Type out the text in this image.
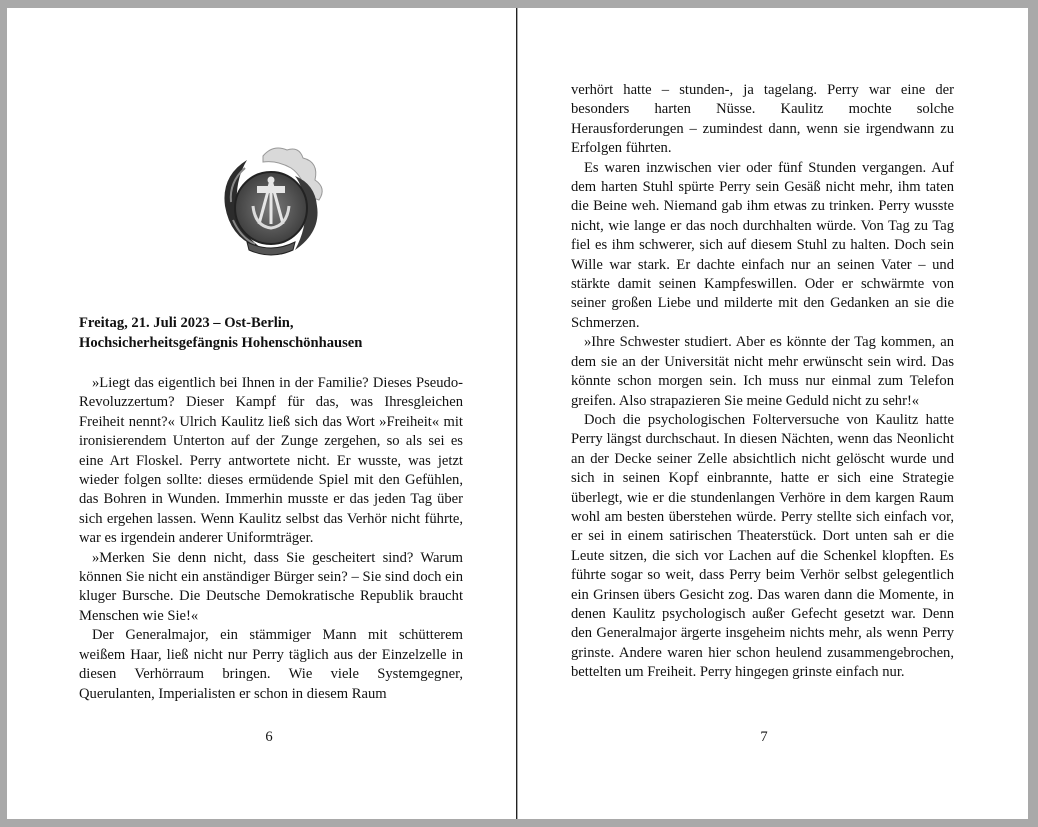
Freitag, 21. Juli 2023 – Ost-Berlin,
Hochsicherheitsgefängnis Hohenschönhausen

»Liegt das eigentlich bei Ihnen in der Familie? Dieses Pseudo-Revoluzzertum? Dieser Kampf für das, was Ihresgleichen Freiheit nennt?« Ulrich Kaulitz ließ sich das Wort »Freiheit« mit ironisierendem Unterton auf der Zunge zergehen, so als sei es eine Art Floskel. Perry antwortete nicht. Er wusste, was jetzt wieder folgen sollte: dieses ermüdende Spiel mit den Gefühlen, das Bohren in Wunden. Immerhin musste er das jeden Tag über sich ergehen lassen. Wenn Kaulitz selbst das Verhör nicht führte, war es irgendein anderer Uniformträger.

»Merken Sie denn nicht, dass Sie gescheitert sind? Warum können Sie nicht ein anständiger Bürger sein? – Sie sind doch ein kluger Bursche. Die Deutsche Demokratische Republik braucht Menschen wie Sie!«

Der Generalmajor, ein stämmiger Mann mit schütterem weißem Haar, ließ nicht nur Perry täglich aus der Einzelzelle in diesen Verhörraum bringen. Wie viele Systemgegner, Querulanten, Imperialisten er schon in diesem Raum

6

verhört hatte – stunden-, ja tagelang. Perry war eine der besonders harten Nüsse. Kaulitz mochte solche Herausforderungen – zumindest dann, wenn sie irgendwann zu Erfolgen führten.

Es waren inzwischen vier oder fünf Stunden vergangen. Auf dem harten Stuhl spürte Perry sein Gesäß nicht mehr, ihm taten die Beine weh. Niemand gab ihm etwas zu trinken. Perry wusste nicht, wie lange er das noch durchhalten würde. Von Tag zu Tag fiel es ihm schwerer, sich auf diesem Stuhl zu halten. Doch sein Wille war stark. Er dachte einfach nur an seinen Vater – und stärkte damit seinen Kampfeswillen. Oder er schwärmte von seiner großen Liebe und milderte mit den Gedanken an sie die Schmerzen.

»Ihre Schwester studiert. Aber es könnte der Tag kommen, an dem sie an der Universität nicht mehr erwünscht sein wird. Das könnte schon morgen sein. Ich muss nur einmal zum Telefon greifen. Also strapazieren Sie meine Geduld nicht zu sehr!«

Doch die psychologischen Folterversuche von Kaulitz hatte Perry längst durchschaut. In diesen Nächten, wenn das Neonlicht an der Decke seiner Zelle absichtlich nicht gelöscht wurde und sich in seinen Kopf einbrannte, hatte er sich eine Strategie überlegt, wie er die stundenlangen Verhöre in dem kargen Raum wohl am besten überstehen würde. Perry stellte sich einfach vor, er sei in einem satirischen Theaterstück. Dort unten sah er die Leute sitzen, die sich vor Lachen auf die Schenkel klopften. Es führte sogar so weit, dass Perry beim Verhör selbst gelegentlich ein Grinsen übers Gesicht zog. Das waren dann die Momente, in denen Kaulitz psychologisch außer Gefecht gesetzt war. Denn den Generalmajor ärgerte insgeheim nichts mehr, als wenn Perry grinste. Andere waren hier schon heulend zusammengebrochen, bettelten um Freiheit. Perry hingegen grinste einfach nur.

7
